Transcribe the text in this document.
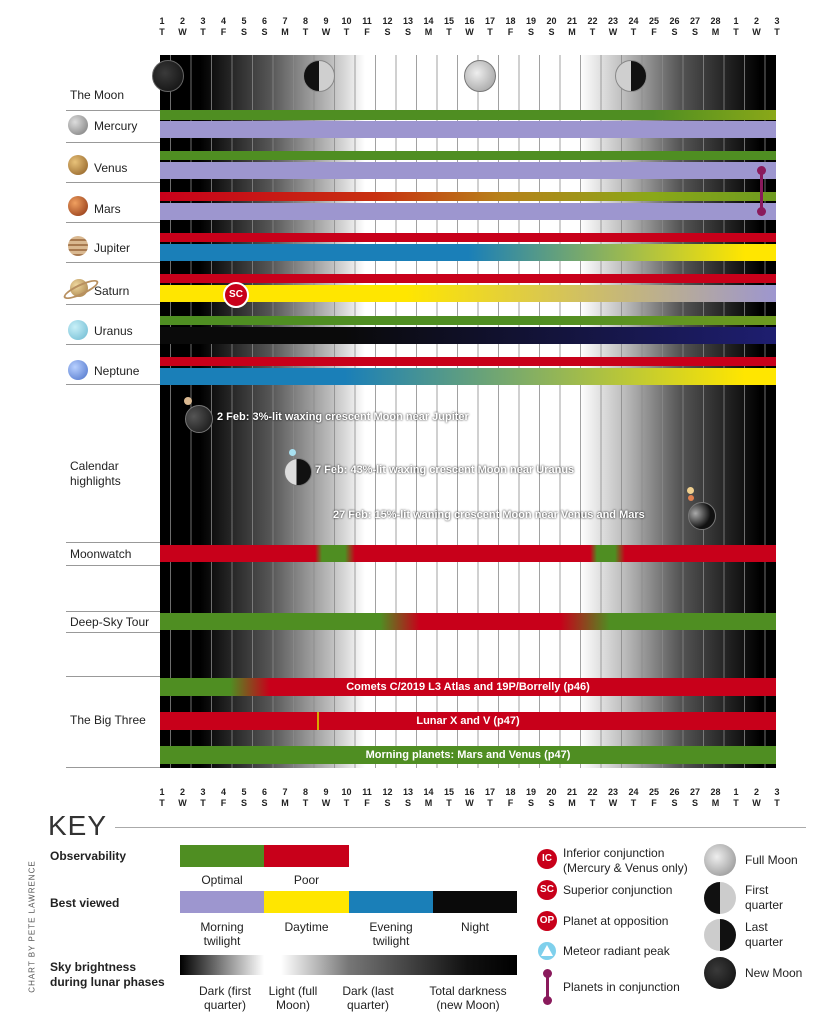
1
T
2
W
3
T
4
F
5
S
6
S
7
M
8
T
9
W
10
T
11
F
12
S
13
S
14
M
15
T
16
W
17
T
18
F
19
S
20
S
21
M
22
T
23
W
24
T
25
F
26
S
27
S
28
M
1
T
2
W
3
T
The Moon
Mercury
Venus
Mars
Jupiter
Saturn	SC
Uranus
Neptune
Calendar highlights
2 Feb: 3%-lit waxing crescent Moon near Jupiter
7 Feb: 43%-lit waxing crescent Moon near Uranus
27 Feb: 15%-lit waning crescent Moon near Venus and Mars
Moonwatch
Deep-Sky Tour
The Big Three
Comets C/2019 L3 Atlas and 19P/Borrelly (p46)
Lunar X and V (p47)
Morning planets: Mars and Venus (p47)
1
T
2
W
3
T
4
F
5
S
6
S
7
M
8
T
9
W
10
T
11
F
12
S
13
S
14
M
15
T
16
W
17
T
18
F
19
S
20
S
21
M
22
T
23
W
24
T
25
F
26
S
27
S
28
M
1
T
2
W
3
T
KEY
CHART BY PETE LAWRENCE
Observability
Optimal	Poor
Best viewed
Morning twilight
Daytime	Evening twilight
Night
Sky brightness during lunar phases
Dark (first quarter)
Light (full Moon)
Dark (last quarter)
Total darkness (new Moon)
IC Inferior conjunction (Mercury & Venus only)
SC Superior conjunction
OP Planet at opposition
Meteor radiant peak
Planets in conjunction
Full Moon
First quarter
Last quarter
New Moon
